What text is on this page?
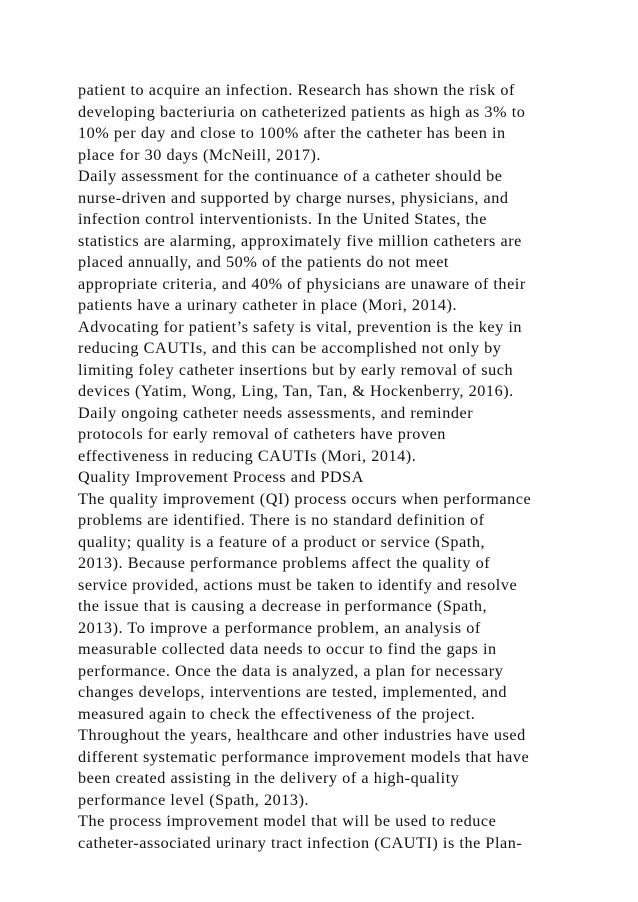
patient to acquire an infection. Research has shown the risk of
developing bacteriuria on catheterized patients as high as 3% to
10% per day and close to 100% after the catheter has been in
place for 30 days (McNeill, 2017).
Daily assessment for the continuance of a catheter should be
nurse-driven and supported by charge nurses, physicians, and
infection control interventionists. In the United States, the
statistics are alarming, approximately five million catheters are
placed annually, and 50% of the patients do not meet
appropriate criteria, and 40% of physicians are unaware of their
patients have a urinary catheter in place (Mori, 2014).
Advocating for patient’s safety is vital, prevention is the key in
reducing CAUTIs, and this can be accomplished not only by
limiting foley catheter insertions but by early removal of such
devices (Yatim, Wong, Ling, Tan, Tan, & Hockenberry, 2016).
Daily ongoing catheter needs assessments, and reminder
protocols for early removal of catheters have proven
effectiveness in reducing CAUTIs (Mori, 2014).
Quality Improvement Process and PDSA
The quality improvement (QI) process occurs when performance
problems are identified. There is no standard definition of
quality; quality is a feature of a product or service (Spath,
2013). Because performance problems affect the quality of
service provided, actions must be taken to identify and resolve
the issue that is causing a decrease in performance (Spath,
2013). To improve a performance problem, an analysis of
measurable collected data needs to occur to find the gaps in
performance. Once the data is analyzed, a plan for necessary
changes develops, interventions are tested, implemented, and
measured again to check the effectiveness of the project.
Throughout the years, healthcare and other industries have used
different systematic performance improvement models that have
been created assisting in the delivery of a high-quality
performance level (Spath, 2013).
The process improvement model that will be used to reduce
catheter-associated urinary tract infection (CAUTI) is the Plan-
